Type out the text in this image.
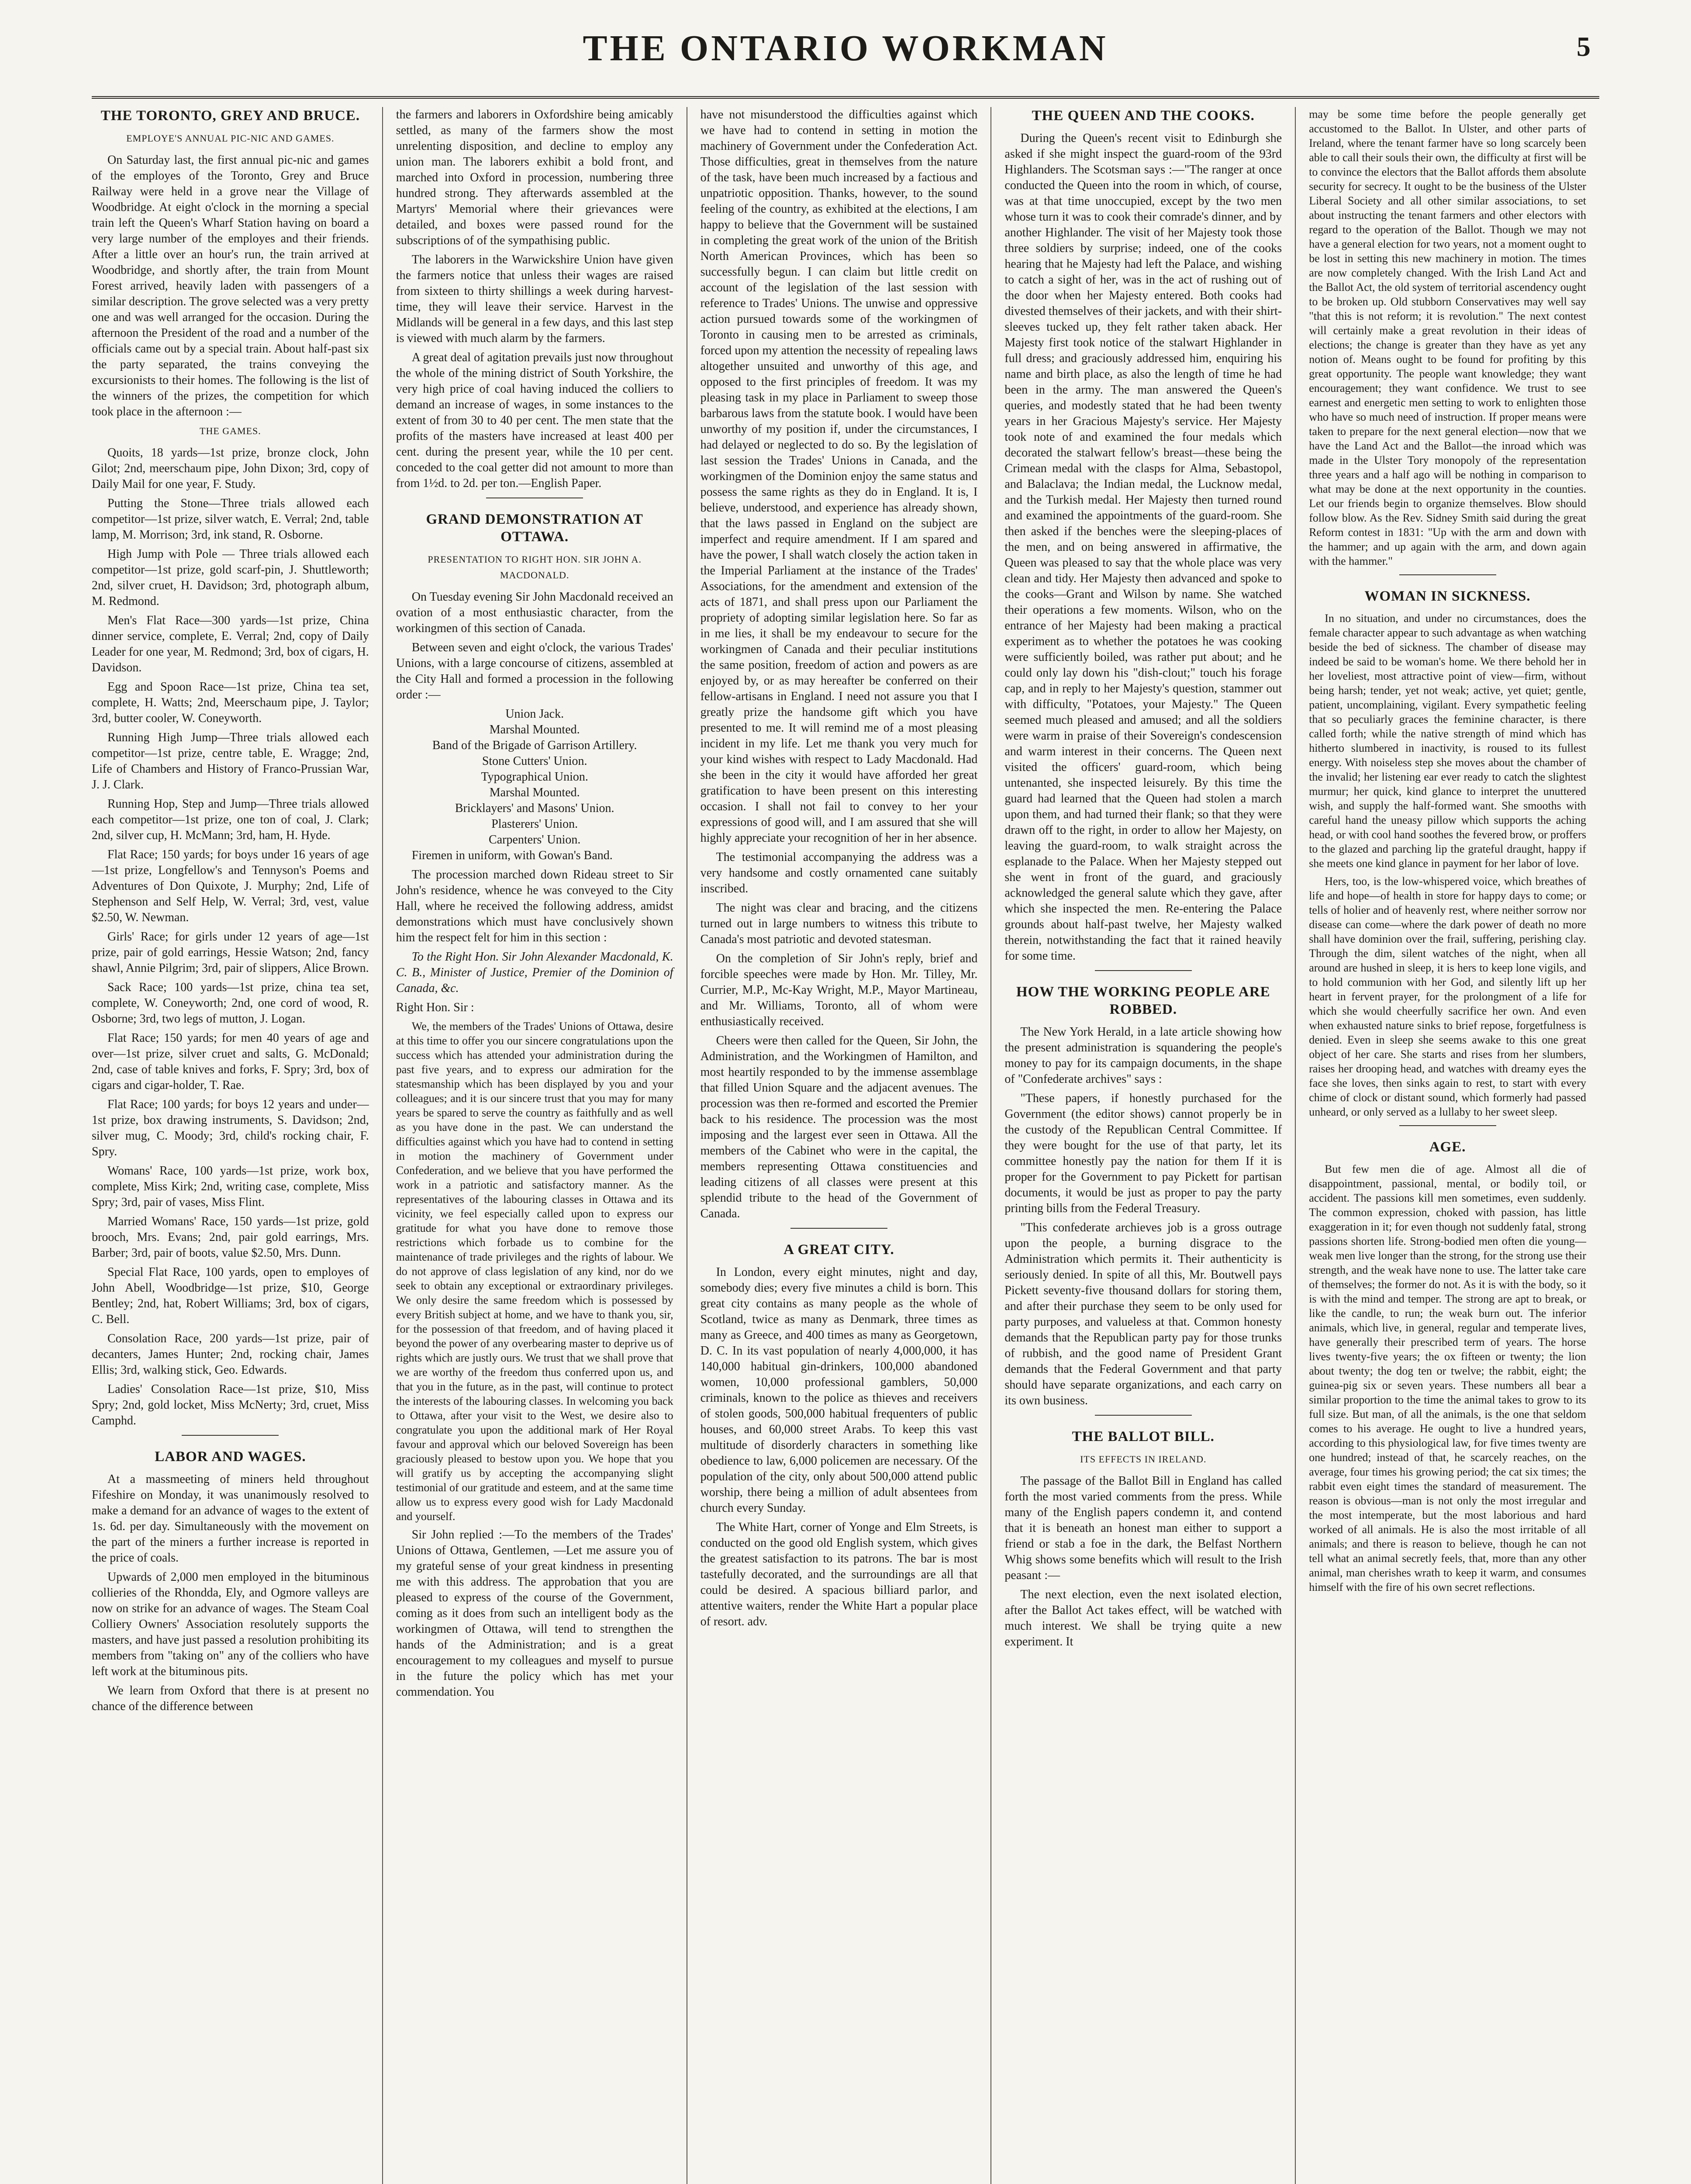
THE ONTARIO WORKMAN	5
THE TORONTO, GREY AND BRUCE.
EMPLOYE'S ANNUAL PIC-NIC AND GAMES.

On Saturday last, the first annual pic-nic and games of the employes of the Toronto, Grey and Bruce Railway were held in a grove near the Village of Woodbridge. At eight o'clock in the morning a special train left the Queen's Wharf Station having on board a very large number of the employes and their friends. After a little over an hour's run, the train arrived at Woodbridge, and shortly after, the train from Mount Forest arrived, heavily laden with passengers of a similar description. The grove selected was a very pretty one and was well arranged for the occasion. During the afternoon the President of the road and a number of the officials came out by a special train. About half-past six the party separated, the trains conveying the excursionists to their homes. The following is the list of the winners of the prizes, the competition for which took place in the afternoon :—

THE GAMES.

Quoits, 18 yards—1st prize, bronze clock, John Gilot; 2nd, meerschaum pipe, John Dixon; 3rd, copy of Daily Mail for one year, F. Study.

Putting the Stone—Three trials allowed each competitor—1st prize, silver watch, E. Verral; 2nd, table lamp, M. Morrison; 3rd, ink stand, R. Osborne.

High Jump with Pole — Three trials allowed each competitor—1st prize, gold scarf-pin, J. Shuttleworth; 2nd, silver cruet, H. Davidson; 3rd, photograph album, M. Redmond.

Men's Flat Race—300 yards—1st prize, China dinner service, complete, E. Verral; 2nd, copy of Daily Leader for one year, M. Redmond; 3rd, box of cigars, H. Davidson.

Egg and Spoon Race—1st prize, China tea set, complete, H. Watts; 2nd, Meerschaum pipe, J. Taylor; 3rd, butter cooler, W. Coneyworth.

Running High Jump—Three trials allowed each competitor—1st prize, centre table, E. Wragge; 2nd, Life of Chambers and History of Franco-Prussian War, J. J. Clark.

Running Hop, Step and Jump—Three trials allowed each competitor—1st prize, one ton of coal, J. Clark; 2nd, silver cup, H. McMann; 3rd, ham, H. Hyde.

Flat Race; 150 yards; for boys under 16 years of age—1st prize, Longfellow's and Tennyson's Poems and Adventures of Don Quixote, J. Murphy; 2nd, Life of Stephenson and Self Help, W. Verral; 3rd, vest, value $2.50, W. Newman.

Girls' Race; for girls under 12 years of age—1st prize, pair of gold earrings, Hessie Watson; 2nd, fancy shawl, Annie Pilgrim; 3rd, pair of slippers, Alice Brown.

Sack Race; 100 yards—1st prize, china tea set, complete, W. Coneyworth; 2nd, one cord of wood, R. Osborne; 3rd, two legs of mutton, J. Logan.

Flat Race; 150 yards; for men 40 years of age and over—1st prize, silver cruet and salts, G. McDonald; 2nd, case of table knives and forks, F. Spry; 3rd, box of cigars and cigar-holder, T. Rae.

Flat Race; 100 yards; for boys 12 years and under—1st prize, box drawing instruments, S. Davidson; 2nd, silver mug, C. Moody; 3rd, child's rocking chair, F. Spry.

Womans' Race, 100 yards—1st prize, work box, complete, Miss Kirk; 2nd, writing case, complete, Miss Spry; 3rd, pair of vases, Miss Flint.

Married Womans' Race, 150 yards—1st prize, gold brooch, Mrs. Evans; 2nd, pair gold earrings, Mrs. Barber; 3rd, pair of boots, value $2.50, Mrs. Dunn.

Special Flat Race, 100 yards, open to employes of John Abell, Woodbridge—1st prize, $10, George Bentley; 2nd, hat, Robert Williams; 3rd, box of cigars, C. Bell.

Consolation Race, 200 yards—1st prize, pair of decanters, James Hunter; 2nd, rocking chair, James Ellis; 3rd, walking stick, Geo. Edwards.

Ladies' Consolation Race—1st prize, $10, Miss Spry; 2nd, gold locket, Miss McNerty; 3rd, cruet, Miss Camphd.

LABOR AND WAGES.

At a massmeeting of miners held throughout Fifeshire on Monday, it was unanimously resolved to make a demand for an advance of wages to the extent of 1s. 6d. per day. Simultaneously with the movement on the part of the miners a further increase is reported in the price of coals.

Upwards of 2,000 men employed in the bituminous collieries of the Rhondda, Ely, and Ogmore valleys are now on strike for an advance of wages. The Steam Coal Colliery Owners' Association resolutely supports the masters, and have just passed a resolution prohibiting its members from "taking on" any of the colliers who have left work at the bituminous pits.

We learn from Oxford that there is at present no chance of the difference between

the farmers and laborers in Oxfordshire being amicably settled, as many of the farmers show the most unrelenting disposition, and decline to employ any union man. The laborers exhibit a bold front, and marched into Oxford in procession, numbering three hundred strong. They afterwards assembled at the Martyrs' Memorial where their grievances were detailed, and boxes were passed round for the subscriptions of of the sympathising public.

The laborers in the Warwickshire Union have given the farmers notice that unless their wages are raised from sixteen to thirty shillings a week during harvest-time, they will leave their service. Harvest in the Midlands will be general in a few days, and this last step is viewed with much alarm by the farmers.

A great deal of agitation prevails just now throughout the whole of the mining district of South Yorkshire, the very high price of coal having induced the colliers to demand an increase of wages, in some instances to the extent of from 30 to 40 per cent. The men state that the profits of the masters have increased at least 400 per cent. during the present year, while the 10 per cent. conceded to the coal getter did not amount to more than from 1½d. to 2d. per ton.—English Paper.

GRAND DEMONSTRATION AT OTTAWA.
PRESENTATION TO RIGHT HON. SIR JOHN A. MACDONALD.

On Tuesday evening Sir John Macdonald received an ovation of a most enthusiastic character, from the workingmen of this section of Canada.

Between seven and eight o'clock, the various Trades' Unions, with a large concourse of citizens, assembled at the City Hall and formed a procession in the following order :—

Union Jack.

Marshal Mounted.

Band of the Brigade of Garrison Artillery.

Stone Cutters' Union.

Typographical Union.

Marshal Mounted.

Bricklayers' and Masons' Union.

Plasterers' Union.

Carpenters' Union.

Firemen in uniform, with Gowan's Band.

The procession marched down Rideau street to Sir John's residence, whence he was conveyed to the City Hall, where he received the following address, amidst demonstrations which must have conclusively shown him the respect felt for him in this section :

To the Right Hon. Sir John Alexander Macdonald, K. C. B., Minister of Justice, Premier of the Dominion of Canada, &c.

Right Hon. Sir :

We, the members of the Trades' Unions of Ottawa, desire at this time to offer you our sincere congratulations upon the success which has attended your administration during the past five years, and to express our admiration for the statesmanship which has been displayed by you and your colleagues; and it is our sincere trust that you may for many years be spared to serve the country as faithfully and as well as you have done in the past. We can understand the difficulties against which you have had to contend in setting in motion the machinery of Government under Confederation, and we believe that you have performed the work in a patriotic and satisfactory manner. As the representatives of the labouring classes in Ottawa and its vicinity, we feel especially called upon to express our gratitude for what you have done to remove those restrictions which forbade us to combine for the maintenance of trade privileges and the rights of labour. We do not approve of class legislation of any kind, nor do we seek to obtain any exceptional or extraordinary privileges. We only desire the same freedom which is possessed by every British subject at home, and we have to thank you, sir, for the possession of that freedom, and of having placed it beyond the power of any overbearing master to deprive us of rights which are justly ours. We trust that we shall prove that we are worthy of the freedom thus conferred upon us, and that you in the future, as in the past, will continue to protect the interests of the labouring classes. In welcoming you back to Ottawa, after your visit to the West, we desire also to congratulate you upon the additional mark of Her Royal favour and approval which our beloved Sovereign has been graciously pleased to bestow upon you. We hope that you will gratify us by accepting the accompanying slight testimonial of our gratitude and esteem, and at the same time allow us to express every good wish for Lady Macdonald and yourself.

Sir John replied :—To the members of the Trades' Unions of Ottawa, Gentlemen, —Let me assure you of my grateful sense of your great kindness in presenting me with this address. The approbation that you are pleased to express of the course of the Government, coming as it does from such an intelligent body as the workingmen of Ottawa, will tend to strengthen the hands of the Administration; and is a great encouragement to my colleagues and myself to pursue in the future the policy which has met your commendation. You

have not misunderstood the difficulties against which we have had to contend in setting in motion the machinery of Government under the Confederation Act. Those difficulties, great in themselves from the nature of the task, have been much increased by a factious and unpatriotic opposition. Thanks, however, to the sound feeling of the country, as exhibited at the elections, I am happy to believe that the Government will be sustained in completing the great work of the union of the British North American Provinces, which has been so successfully begun. I can claim but little credit on account of the legislation of the last session with reference to Trades' Unions. The unwise and oppressive action pursued towards some of the workingmen of Toronto in causing men to be arrested as criminals, forced upon my attention the necessity of repealing laws altogether unsuited and unworthy of this age, and opposed to the first principles of freedom. It was my pleasing task in my place in Parliament to sweep those barbarous laws from the statute book. I would have been unworthy of my position if, under the circumstances, I had delayed or neglected to do so. By the legislation of last session the Trades' Unions in Canada, and the workingmen of the Dominion enjoy the same status and possess the same rights as they do in England. It is, I believe, understood, and experience has already shown, that the laws passed in England on the subject are imperfect and require amendment. If I am spared and have the power, I shall watch closely the action taken in the Imperial Parliament at the instance of the Trades' Associations, for the amendment and extension of the acts of 1871, and shall press upon our Parliament the propriety of adopting similar legislation here. So far as in me lies, it shall be my endeavour to secure for the workingmen of Canada and their peculiar institutions the same position, freedom of action and powers as are enjoyed by, or as may hereafter be conferred on their fellow-artisans in England. I need not assure you that I greatly prize the handsome gift which you have presented to me. It will remind me of a most pleasing incident in my life. Let me thank you very much for your kind wishes with respect to Lady Macdonald. Had she been in the city it would have afforded her great gratification to have been present on this interesting occasion. I shall not fail to convey to her your expressions of good will, and I am assured that she will highly appreciate your recognition of her in her absence.

The testimonial accompanying the address was a very handsome and costly ornamented cane suitably inscribed.

The night was clear and bracing, and the citizens turned out in large numbers to witness this tribute to Canada's most patriotic and devoted statesman.

On the completion of Sir John's reply, brief and forcible speeches were made by Hon. Mr. Tilley, Mr. Currier, M.P., Mc-Kay Wright, M.P., Mayor Martineau, and Mr. Williams, Toronto, all of whom were enthusiastically received.

Cheers were then called for the Queen, Sir John, the Administration, and the Workingmen of Hamilton, and most heartily responded to by the immense assemblage that filled Union Square and the adjacent avenues. The procession was then re-formed and escorted the Premier back to his residence. The procession was the most imposing and the largest ever seen in Ottawa. All the members of the Cabinet who were in the capital, the members representing Ottawa constituencies and leading citizens of all classes were present at this splendid tribute to the head of the Government of Canada.

A GREAT CITY.

In London, every eight minutes, night and day, somebody dies; every five minutes a child is born. This great city contains as many people as the whole of Scotland, twice as many as Denmark, three times as many as Greece, and 400 times as many as Georgetown, D. C. In its vast population of nearly 4,000,000, it has 140,000 habitual gin-drinkers, 100,000 abandoned women, 10,000 professional gamblers, 50,000 criminals, known to the police as thieves and receivers of stolen goods, 500,000 habitual frequenters of public houses, and 60,000 street Arabs. To keep this vast multitude of disorderly characters in something like obedience to law, 6,000 policemen are necessary. Of the population of the city, only about 500,000 attend public worship, there being a million of adult absentees from church every Sunday.

The White Hart, corner of Yonge and Elm Streets, is conducted on the good old English system, which gives the greatest satisfaction to its patrons. The bar is most tastefully decorated, and the surroundings are all that could be desired. A spacious billiard parlor, and attentive waiters, render the White Hart a popular place of resort. adv.

THE QUEEN AND THE COOKS.

During the Queen's recent visit to Edinburgh she asked if she might inspect the guard-room of the 93rd Highlanders. The Scotsman says :—"The ranger at once conducted the Queen into the room in which, of course, was at that time unoccupied, except by the two men whose turn it was to cook their comrade's dinner, and by another Highlander. The visit of her Majesty took those three soldiers by surprise; indeed, one of the cooks hearing that he Majesty had left the Palace, and wishing to catch a sight of her, was in the act of rushing out of the door when her Majesty entered. Both cooks had divested themselves of their jackets, and with their shirt-sleeves tucked up, they felt rather taken aback. Her Majesty first took notice of the stalwart Highlander in full dress; and graciously addressed him, enquiring his name and birth place, as also the length of time he had been in the army. The man answered the Queen's queries, and modestly stated that he had been twenty years in her Gracious Majesty's service. Her Majesty took note of and examined the four medals which decorated the stalwart fellow's breast—these being the Crimean medal with the clasps for Alma, Sebastopol, and Balaclava; the Indian medal, the Lucknow medal, and the Turkish medal. Her Majesty then turned round and examined the appointments of the guard-room. She then asked if the benches were the sleeping-places of the men, and on being answered in affirmative, the Queen was pleased to say that the whole place was very clean and tidy. Her Majesty then advanced and spoke to the cooks—Grant and Wilson by name. She watched their operations a few moments. Wilson, who on the entrance of her Majesty had been making a practical experiment as to whether the potatoes he was cooking were sufficiently boiled, was rather put about; and he could only lay down his "dish-clout;" touch his forage cap, and in reply to her Majesty's question, stammer out with difficulty, "Potatoes, your Majesty." The Queen seemed much pleased and amused; and all the soldiers were warm in praise of their Sovereign's condescension and warm interest in their concerns. The Queen next visited the officers' guard-room, which being untenanted, she inspected leisurely. By this time the guard had learned that the Queen had stolen a march upon them, and had turned their flank; so that they were drawn off to the right, in order to allow her Majesty, on leaving the guard-room, to walk straight across the esplanade to the Palace. When her Majesty stepped out she went in front of the guard, and graciously acknowledged the general salute which they gave, after which she inspected the men. Re-entering the Palace grounds about half-past twelve, her Majesty walked therein, notwithstanding the fact that it rained heavily for some time.

HOW THE WORKING PEOPLE ARE ROBBED.

The New York Herald, in a late article showing how the present administration is squandering the people's money to pay for its campaign documents, in the shape of "Confederate archives" says :

"These papers, if honestly purchased for the Government (the editor shows) cannot properly be in the custody of the Republican Central Committee. If they were bought for the use of that party, let its committee honestly pay the nation for them If it is proper for the Government to pay Pickett for partisan documents, it would be just as proper to pay the party printing bills from the Federal Treasury.

"This confederate archieves job is a gross outrage upon the people, a burning disgrace to the Administration which permits it. Their authenticity is seriously denied. In spite of all this, Mr. Boutwell pays Pickett seventy-five thousand dollars for storing them, and after their purchase they seem to be only used for party purposes, and valueless at that. Common honesty demands that the Republican party pay for those trunks of rubbish, and the good name of President Grant demands that the Federal Government and that party should have separate organizations, and each carry on its own business.

THE BALLOT BILL.
ITS EFFECTS IN IRELAND.

The passage of the Ballot Bill in England has called forth the most varied comments from the press. While many of the English papers condemn it, and contend that it is beneath an honest man either to support a friend or stab a foe in the dark, the Belfast Northern Whig shows some benefits which will result to the Irish peasant :—

The next election, even the next isolated election, after the Ballot Act takes effect, will be watched with much interest. We shall be trying quite a new experiment. It

may be some time before the people generally get accustomed to the Ballot. In Ulster, and other parts of Ireland, where the tenant farmer have so long scarcely been able to call their souls their own, the difficulty at first will be to convince the electors that the Ballot affords them absolute security for secrecy. It ought to be the business of the Ulster Liberal Society and all other similar associations, to set about instructing the tenant farmers and other electors with regard to the operation of the Ballot. Though we may not have a general election for two years, not a moment ought to be lost in setting this new machinery in motion. The times are now completely changed. With the Irish Land Act and the Ballot Act, the old system of territorial ascendency ought to be broken up. Old stubborn Conservatives may well say "that this is not reform; it is revolution." The next contest will certainly make a great revolution in their ideas of elections; the change is greater than they have as yet any notion of. Means ought to be found for profiting by this great opportunity. The people want knowledge; they want encouragement; they want confidence. We trust to see earnest and energetic men setting to work to enlighten those who have so much need of instruction. If proper means were taken to prepare for the next general election—now that we have the Land Act and the Ballot—the inroad which was made in the Ulster Tory monopoly of the representation three years and a half ago will be nothing in comparison to what may be done at the next opportunity in the counties. Let our friends begin to organize themselves. Blow should follow blow. As the Rev. Sidney Smith said during the great Reform contest in 1831: "Up with the arm and down with the hammer; and up again with the arm, and down again with the hammer."

WOMAN IN SICKNESS.

In no situation, and under no circumstances, does the female character appear to such advantage as when watching beside the bed of sickness. The chamber of disease may indeed be said to be woman's home. We there behold her in her loveliest, most attractive point of view—firm, without being harsh; tender, yet not weak; active, yet quiet; gentle, patient, uncomplaining, vigilant. Every sympathetic feeling that so peculiarly graces the feminine character, is there called forth; while the native strength of mind which has hitherto slumbered in inactivity, is roused to its fullest energy. With noiseless step she moves about the chamber of the invalid; her listening ear ever ready to catch the slightest murmur; her quick, kind glance to interpret the unuttered wish, and supply the half-formed want. She smooths with careful hand the uneasy pillow which supports the aching head, or with cool hand soothes the fevered brow, or proffers to the glazed and parching lip the grateful draught, happy if she meets one kind glance in payment for her labor of love.

Hers, too, is the low-whispered voice, which breathes of life and hope—of health in store for happy days to come; or tells of holier and of heavenly rest, where neither sorrow nor disease can come—where the dark power of death no more shall have dominion over the frail, suffering, perishing clay. Through the dim, silent watches of the night, when all around are hushed in sleep, it is hers to keep lone vigils, and to hold communion with her God, and silently lift up her heart in fervent prayer, for the prolongment of a life for which she would cheerfully sacrifice her own. And even when exhausted nature sinks to brief repose, forgetfulness is denied. Even in sleep she seems awake to this one great object of her care. She starts and rises from her slumbers, raises her drooping head, and watches with dreamy eyes the face she loves, then sinks again to rest, to start with every chime of clock or distant sound, which formerly had passed unheard, or only served as a lullaby to her sweet sleep.

AGE.

But few men die of age. Almost all die of disappointment, passional, mental, or bodily toil, or accident. The passions kill men sometimes, even suddenly. The common expression, choked with passion, has little exaggeration in it; for even though not suddenly fatal, strong passions shorten life. Strong-bodied men often die young—weak men live longer than the strong, for the strong use their strength, and the weak have none to use. The latter take care of themselves; the former do not. As it is with the body, so it is with the mind and temper. The strong are apt to break, or like the candle, to run; the weak burn out. The inferior animals, which live, in general, regular and temperate lives, have generally their prescribed term of years. The horse lives twenty-five years; the ox fifteen or twenty; the lion about twenty; the dog ten or twelve; the rabbit, eight; the guinea-pig six or seven years. These numbers all bear a similar proportion to the time the animal takes to grow to its full size. But man, of all the animals, is the one that seldom comes to his average. He ought to live a hundred years, according to this physiological law, for five times twenty are one hundred; instead of that, he scarcely reaches, on the average, four times his growing period; the cat six times; the rabbit even eight times the standard of measurement. The reason is obvious—man is not only the most irregular and the most intemperate, but the most laborious and hard worked of all animals. He is also the most irritable of all animals; and there is reason to believe, though he can not tell what an animal secretly feels, that, more than any other animal, man cherishes wrath to keep it warm, and consumes himself with the fire of his own secret reflections.
